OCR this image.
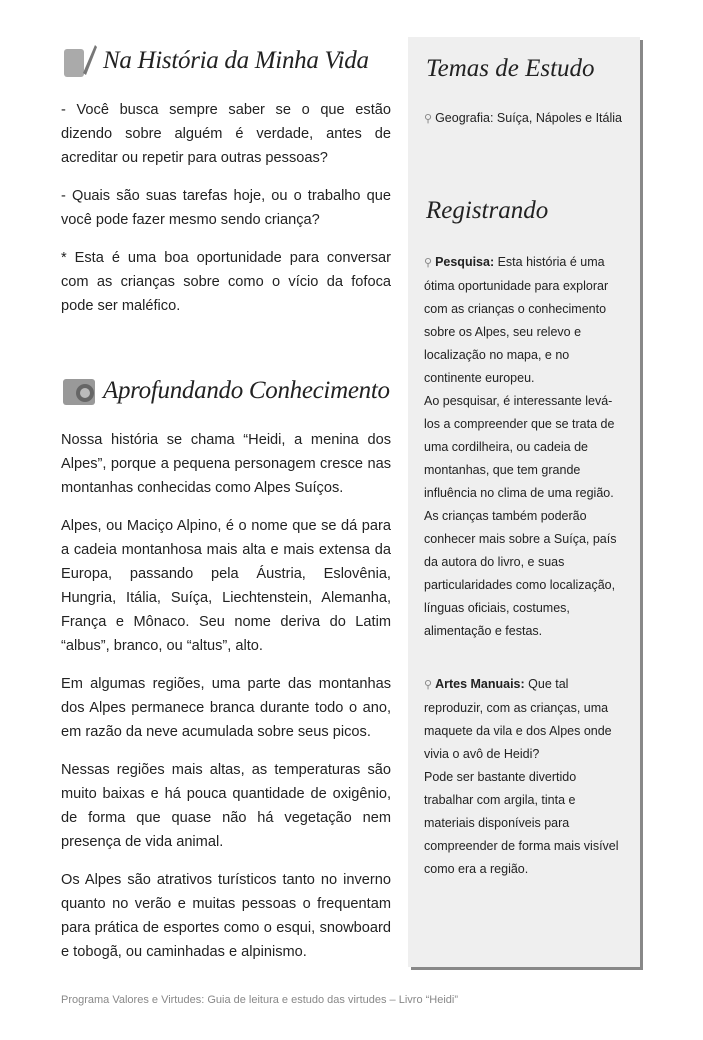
Na História da Minha Vida

- Você busca sempre saber se o que estão dizendo sobre alguém é verdade, antes de acreditar ou repetir para outras pessoas?

- Quais são suas tarefas hoje, ou o trabalho que você pode fazer mesmo sendo criança?

* Esta é uma boa oportunidade para conversar com as crianças sobre como o vício da fofoca pode ser maléfico.

Aprofundando Conhecimento

Nossa história se chama “Heidi, a menina dos Alpes”, porque a pequena personagem cresce nas montanhas conhecidas como Alpes Suíços.

Alpes, ou Maciço Alpino, é o nome que se dá para a cadeia montanhosa mais alta e mais extensa da Europa, passando pela Áustria, Eslovênia, Hungria, Itália, Suíça, Liechtenstein, Alemanha, França e Mônaco. Seu nome deriva do Latim “albus”, branco, ou “altus”, alto.

Em algumas regiões, uma parte das montanhas dos Alpes permanece branca durante todo o ano, em razão da neve acumulada sobre seus picos.

Nessas regiões mais altas, as temperaturas são muito baixas e há pouca quantidade de oxigênio, de forma que quase não há vegetação nem presença de vida animal.

Os Alpes são atrativos turísticos tanto no inverno quanto no verão e muitas pessoas o frequentam para prática de esportes como o esqui, snowboard e tobogã, ou caminhadas e alpinismo.

Temas de Estudo

⚲ Geografia: Suíça, Nápoles e Itália

Registrando

⚲ Pesquisa: Esta história é uma ótima oportunidade para explorar com as crianças o conhecimento sobre os Alpes, seu relevo e localização no mapa, e no continente europeu.

Ao pesquisar, é interessante levá-los a compreender que se trata de uma cordilheira, ou cadeia de montanhas, que tem grande influência no clima de uma região.

As crianças também poderão conhecer mais sobre a Suíça, país da autora do livro, e suas particularidades como localização, línguas oficiais, costumes, alimentação e festas.

⚲ Artes Manuais: Que tal reproduzir, com as crianças, uma maquete da vila e dos Alpes onde vivia o avô de Heidi?

Pode ser bastante divertido trabalhar com argila, tinta e materiais disponíveis para compreender de forma mais visível como era a região.

Programa Valores e Virtudes: Guia de leitura e estudo das virtudes – Livro “Heidi”
